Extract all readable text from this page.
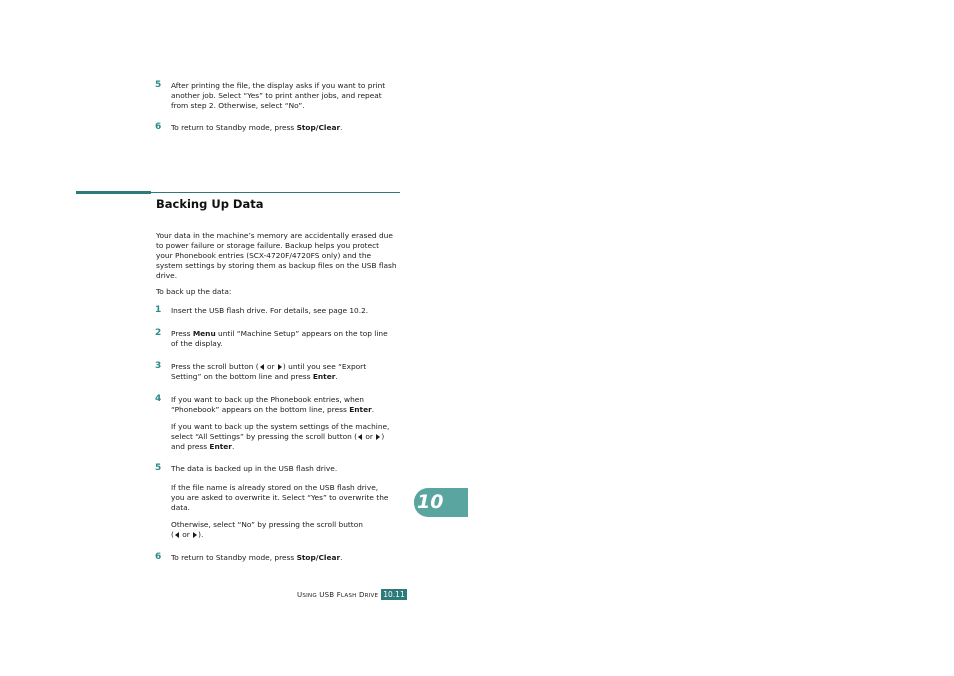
5 After printing the file, the display asks if you want to print
another job. Select “Yes” to print anther jobs, and repeat
from step 2. Otherwise, select “No”.
6 To return to Standby mode, press Stop/Clear.
Backing Up Data
Your data in the machine’s memory are accidentally erased due
to power failure or storage failure. Backup helps you protect
your Phonebook entries (SCX-4720F/4720FS only) and the
system settings by storing them as backup files on the USB flash
drive.
To back up the data:
1 Insert the USB flash drive. For details, see page 10.2.
2 Press Menu until “Machine Setup” appears on the top line
of the display.
3 Press the scroll button ( or ) until you see “Export
Setting” on the bottom line and press Enter.
4 If you want to back up the Phonebook entries, when
“Phonebook” appears on the bottom line, press Enter.
If you want to back up the system settings of the machine,
select “All Settings” by pressing the scroll button ( or )
and press Enter.
5 The data is backed up in the USB flash drive.
If the file name is already stored on the USB flash drive,
you are asked to overwrite it. Select “Yes” to overwrite the
data.
Otherwise, select “No” by pressing the scroll button
( or ).
6 To return to Standby mode, press Stop/Clear.
10
USING USB FLASH DRIVE 10.11
